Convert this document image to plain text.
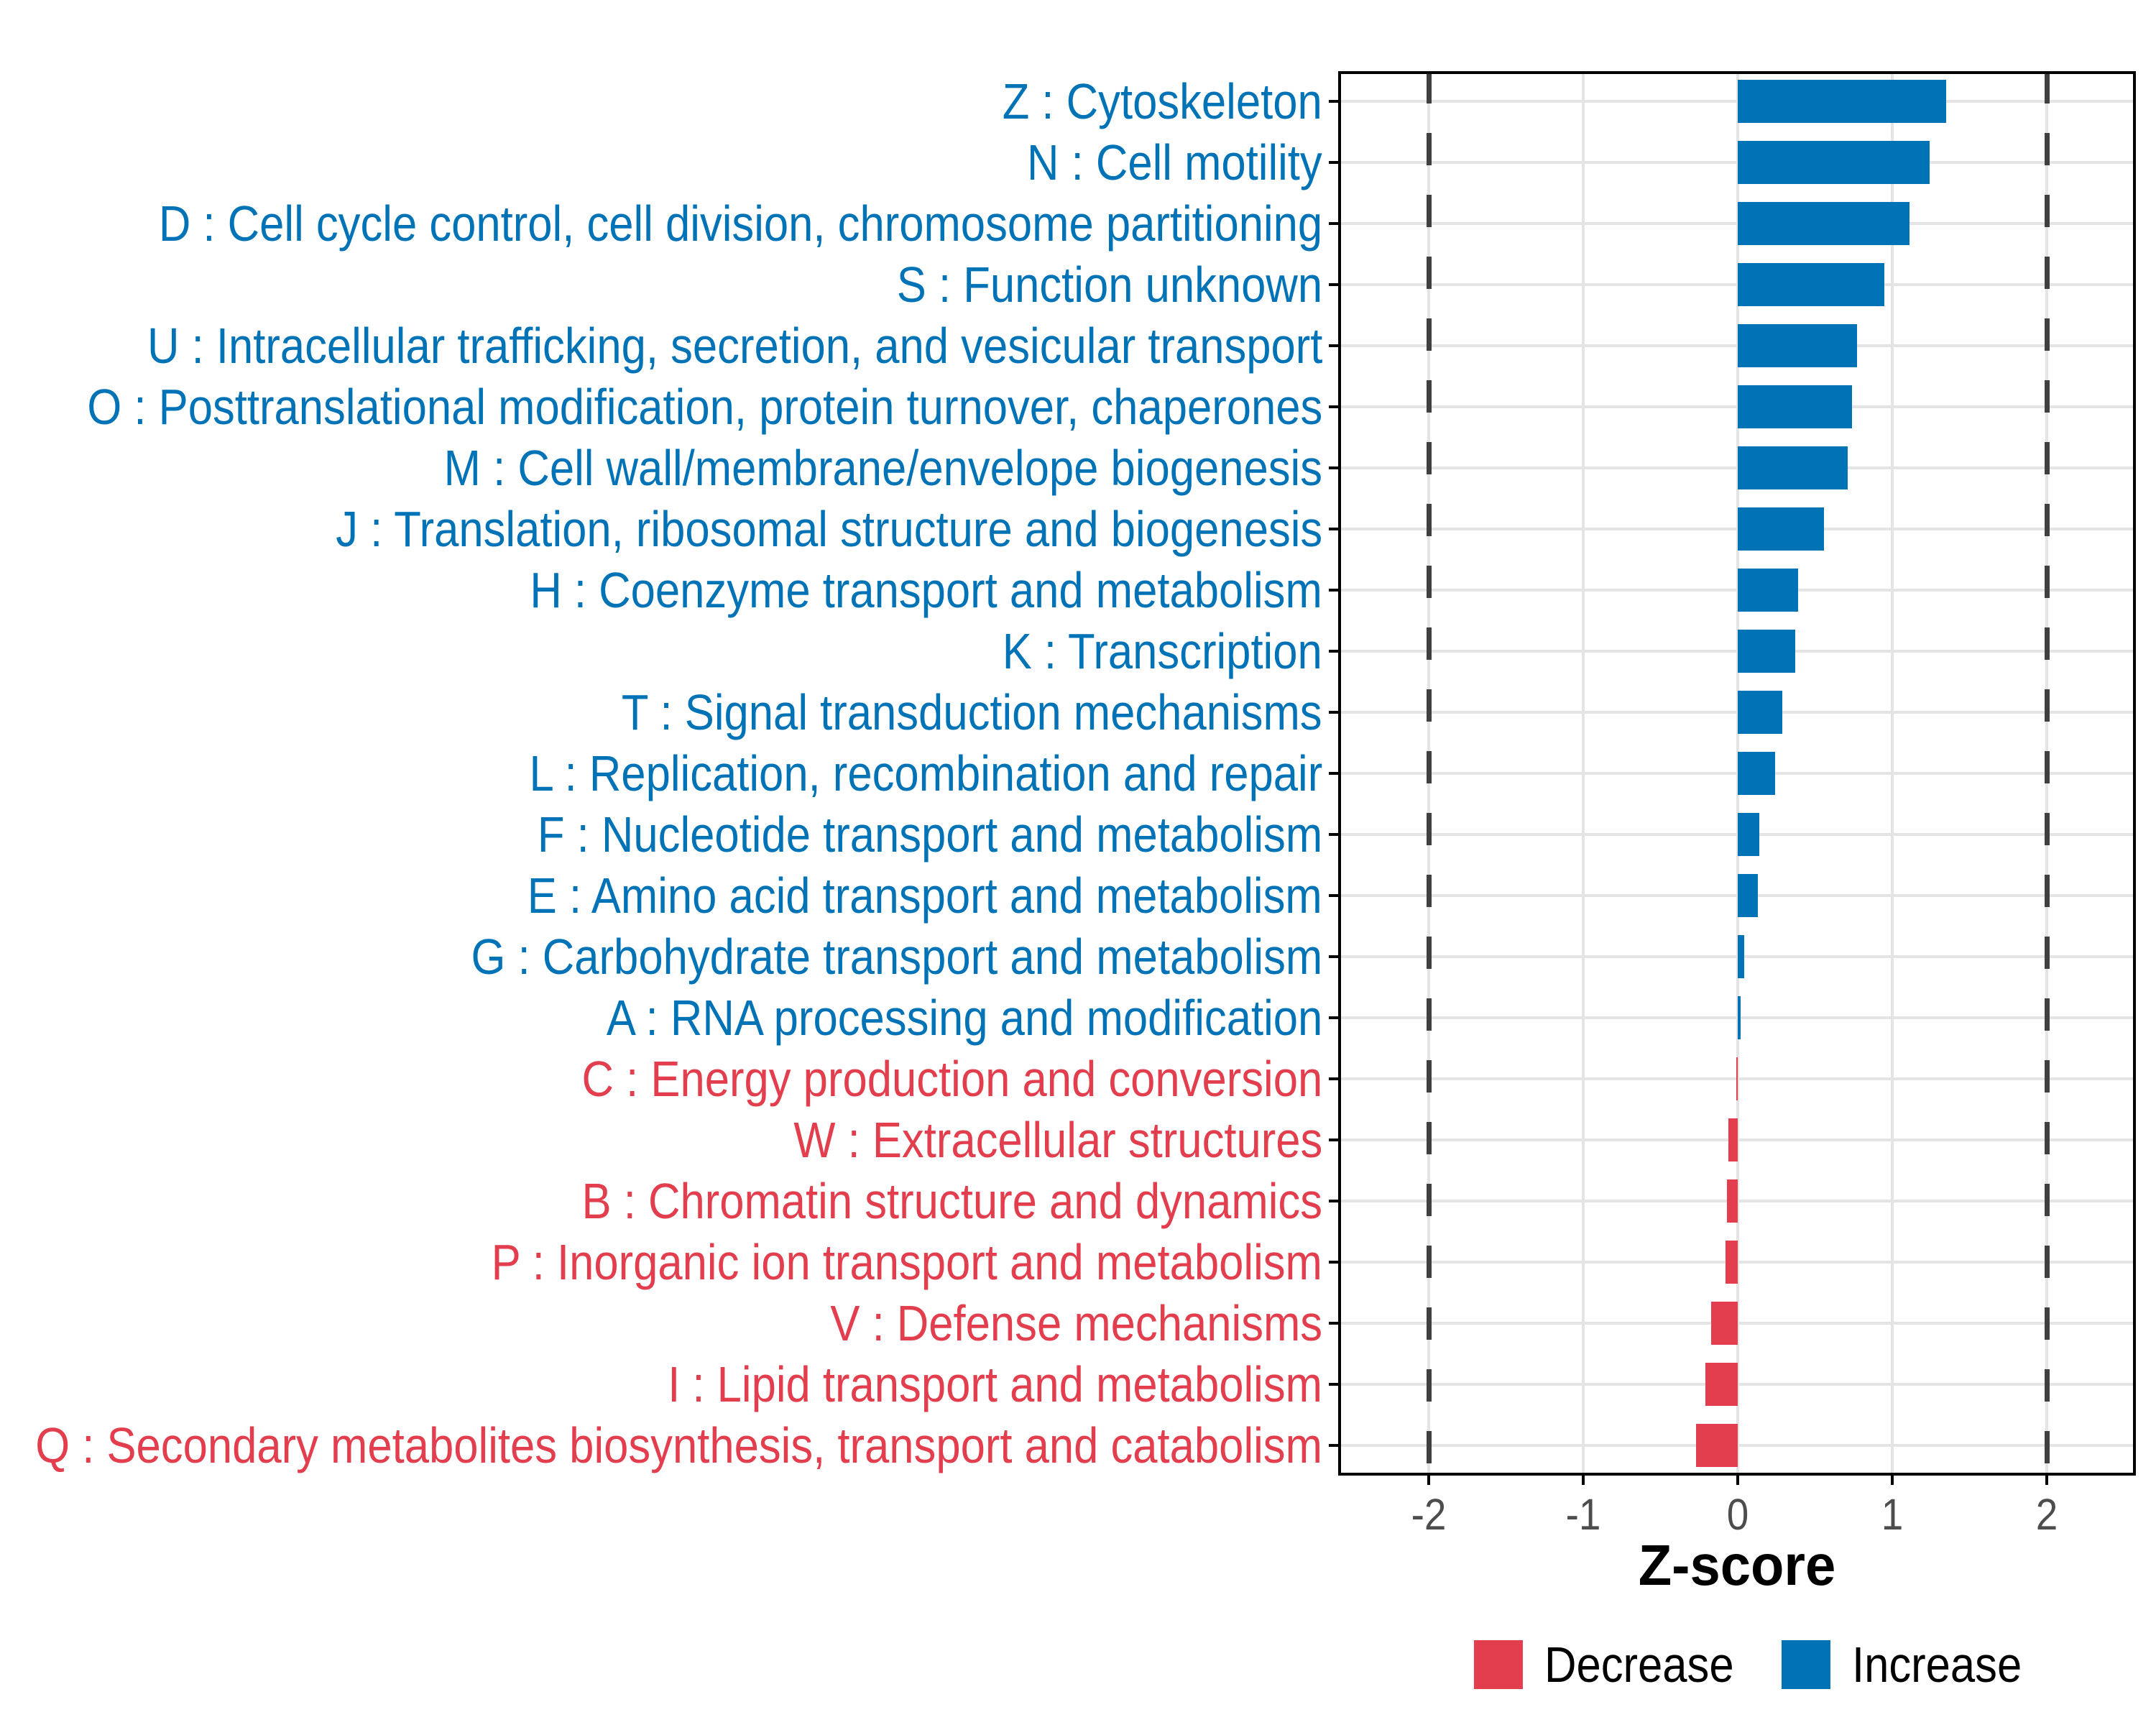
Z : Cytoskeleton
N : Cell motility
D : Cell cycle control, cell division, chromosome partitioning
S : Function unknown
U : Intracellular trafficking, secretion, and vesicular transport
O : Posttranslational modification, protein turnover, chaperones
M : Cell wall/membrane/envelope biogenesis
J : Translation, ribosomal structure and biogenesis
H : Coenzyme transport and metabolism
K : Transcription
T : Signal transduction mechanisms
L : Replication, recombination and repair
F : Nucleotide transport and metabolism
E : Amino acid transport and metabolism
G : Carbohydrate transport and metabolism
A : RNA processing and modification
C : Energy production and conversion
W : Extracellular structures
B : Chromatin structure and dynamics
P : Inorganic ion transport and metabolism
V : Defense mechanisms
I : Lipid transport and metabolism
Q : Secondary metabolites biosynthesis, transport and catabolism
-2	-1	0	1	2
Z-score
Decrease Increase
